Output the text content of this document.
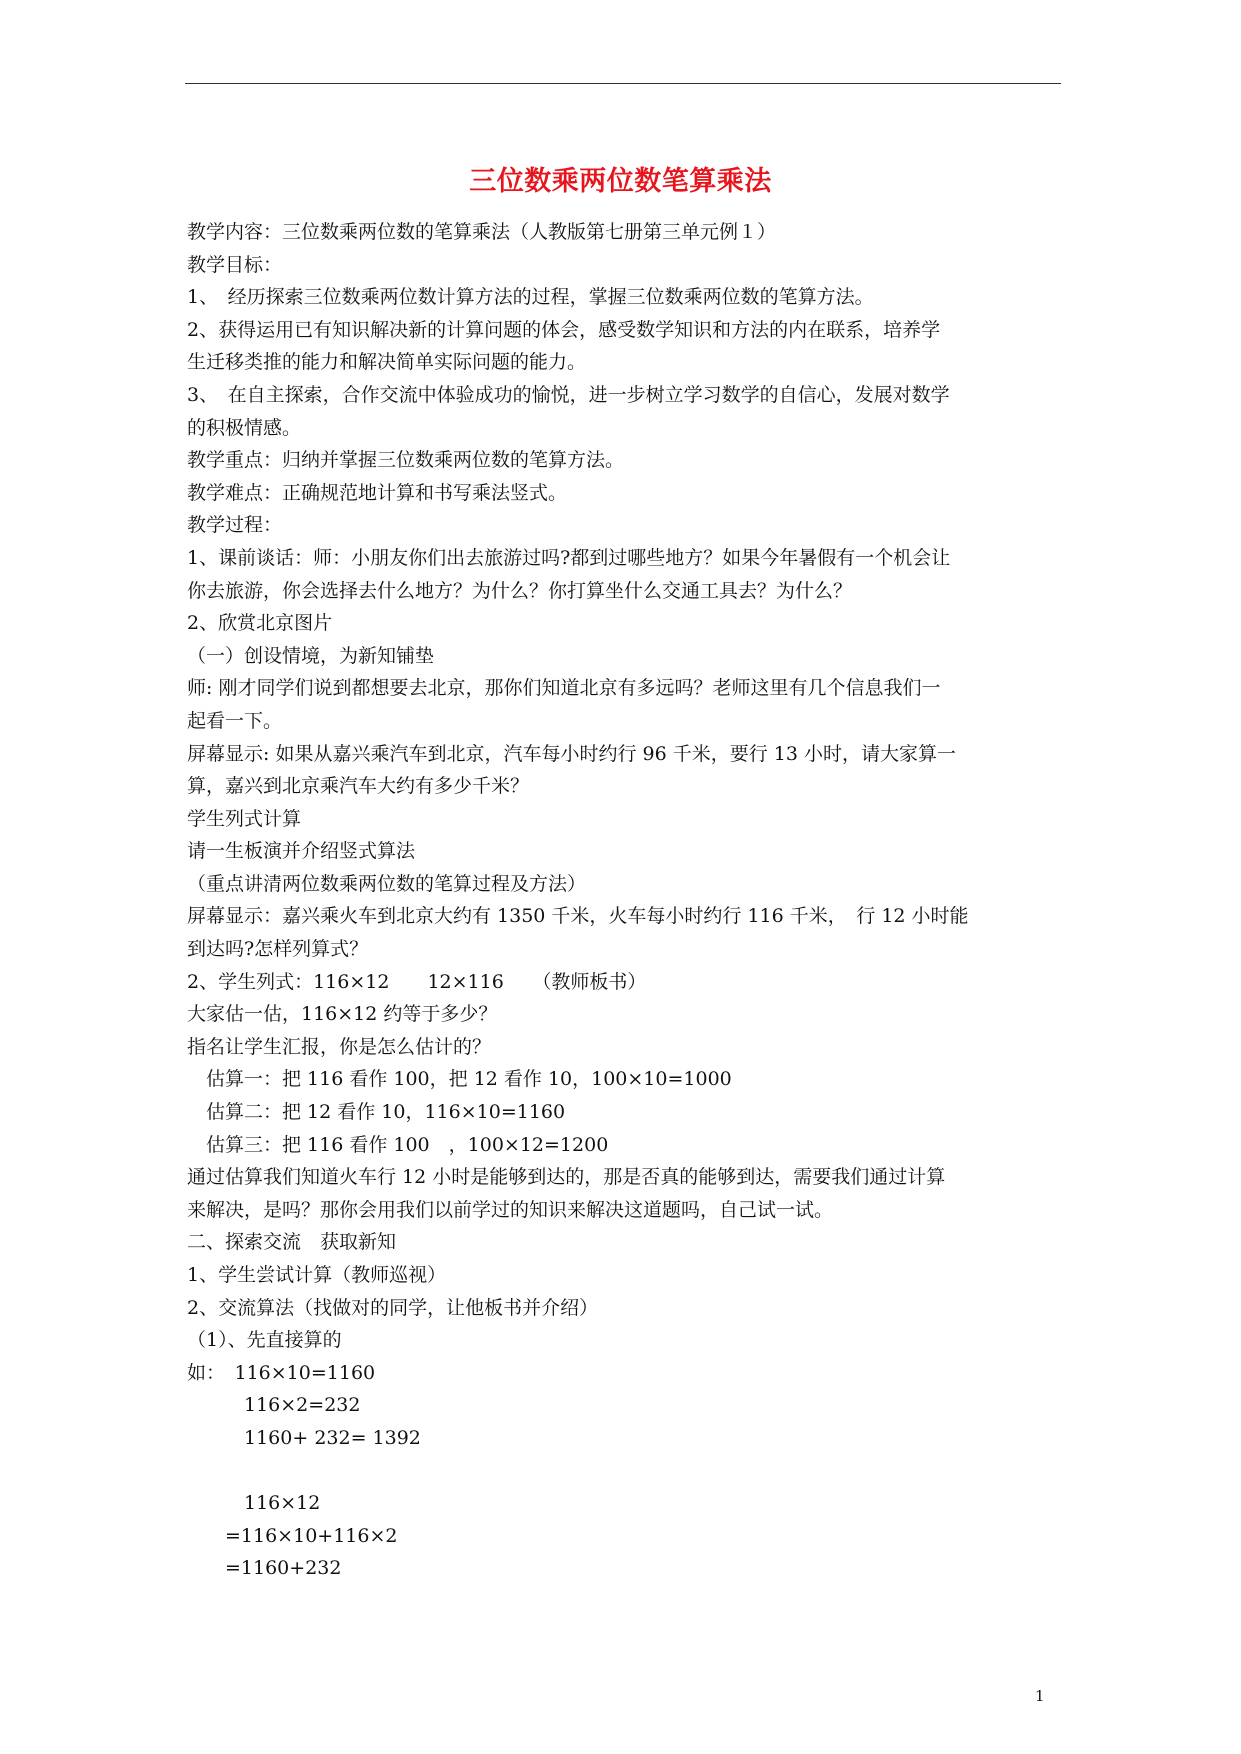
三位数乘两位数笔算乘法
教学内容：三位数乘两位数的笔算乘法（人教版第七册第三单元例１）
教学目标：
1、　经历探索三位数乘两位数计算方法的过程，掌握三位数乘两位数的笔算方法。
2、获得运用已有知识解决新的计算问题的体会，感受数学知识和方法的内在联系，培养学
生迁移类推的能力和解决简单实际问题的能力。
3、　在自主探索，合作交流中体验成功的愉悦，进一步树立学习数学的自信心，发展对数学
的积极情感。
教学重点：归纳并掌握三位数乘两位数的笔算方法。
教学难点：正确规范地计算和书写乘法竖式。
教学过程：
1、课前谈话：师：小朋友你们出去旅游过吗?都到过哪些地方？如果今年暑假有一个机会让
你去旅游，你会选择去什么地方？为什么？你打算坐什么交通工具去？为什么？
2、欣赏北京图片
（一）创设情境，为新知铺垫
师: 刚才同学们说到都想要去北京，那你们知道北京有多远吗？老师这里有几个信息我们一
起看一下。
屏幕显示: 如果从嘉兴乘汽车到北京，汽车每小时约行 96 千米，要行 13 小时，请大家算一
算，嘉兴到北京乘汽车大约有多少千米？
学生列式计算
请一生板演并介绍竖式算法
（重点讲清两位数乘两位数的笔算过程及方法）
屏幕显示：嘉兴乘火车到北京大约有 1350 千米，火车每小时约行 116 千米，　行 12 小时能
到达吗?怎样列算式？
2、学生列式：116×12　　12×116　　（教师板书）
大家估一估，116×12 约等于多少？
指名让学生汇报，你是怎么估计的？
　估算一：把 116 看作 100，把 12 看作 10，100×10=1000
　估算二：把 12 看作 10，116×10=1160
　估算三：把 116 看作 100　，100×12=1200
通过估算我们知道火车行 12 小时是能够到达的，那是否真的能够到达，需要我们通过计算
来解决，是吗？那你会用我们以前学过的知识来解决这道题吗，自己试一试。
二、探索交流　获取新知
1、学生尝试计算（教师巡视）
2、交流算法（找做对的同学，让他板书并介绍）
（1）、先直接算的
如：　116×10=1160
　　　116×2=232
　　　1160+ 232= 1392
　　　116×12
　　=116×10+116×2
　　=1160+232
1
